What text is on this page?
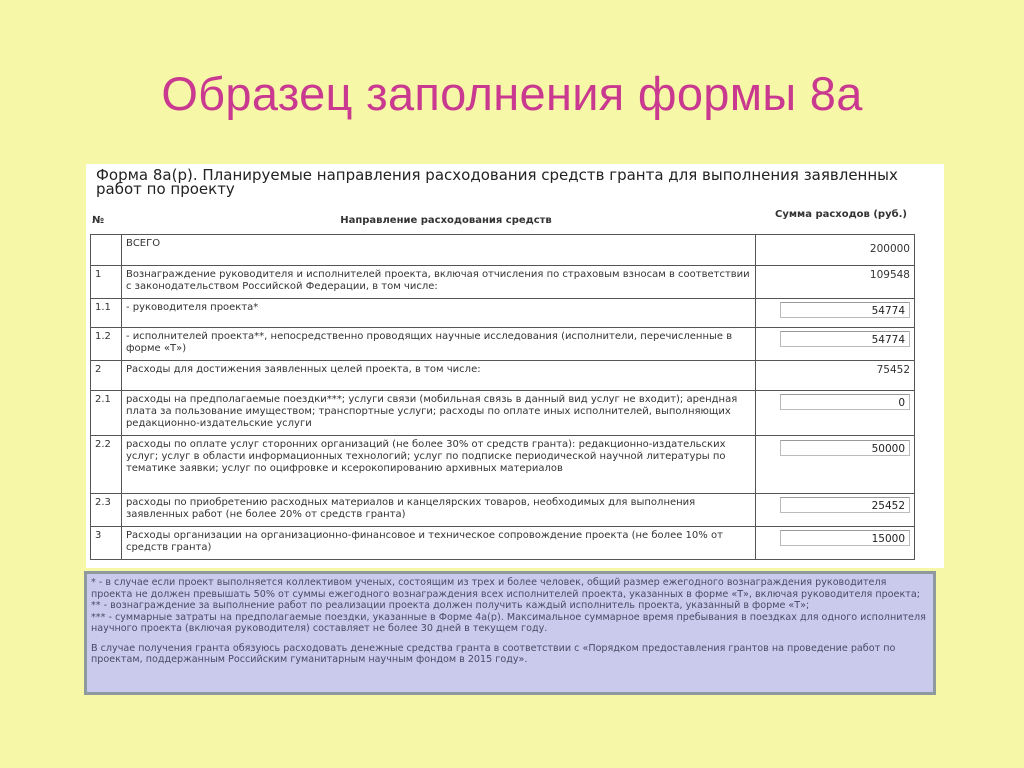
Образец заполнения формы 8а
Форма 8а(р). Планируемые направления расходования средств гранта для выполнения заявленных работ по проекту
№	Направление расходования средств
Сумма расходов (руб.)
	ВСЕГО	200000
1	Вознаграждение руководителя и исполнителей проекта, включая отчисления по страховым взносам в соответствии с законодательством Российской Федерации, в том числе:	109548
1.1	- руководителя проекта*	54774

1.2	- исполнителей проекта**, непосредственно проводящих научные исследования (исполнители, перечисленные в форме «Т»)	54774

2	Расходы для достижения заявленных целей проекта, в том числе:	75452
2.1	расходы на предполагаемые поездки***; услуги связи (мобильная связь в данный вид услуг не входит); арендная плата за пользование имуществом; транспортные услуги; расходы по оплате иных исполнителей, выполняющих редакционно-издательские услуги	0

2.2	расходы по оплате услуг сторонних организаций (не более 30% от средств гранта): редакционно-издательских услуг; услуг в области информационных технологий; услуг по подписке периодической научной литературы по тематике заявки; услуг по оцифровке и ксерокопированию архивных материалов	50000

2.3	расходы по приобретению расходных материалов и канцелярских товаров, необходимых для выполнения заявленных работ (не более 20% от средств гранта)	25452

3	Расходы организации на организационно-финансовое и техническое сопровождение проекта (не более 10% от средств гранта)	15000

* - в случае если проект выполняется коллективом ученых, состоящим из трех и более человек, общий размер ежегодного вознаграждения руководителя проекта не должен превышать 50% от суммы ежегодного вознаграждения всех исполнителей проекта, указанных в форме «Т», включая руководителя проекта;

** - вознаграждение за выполнение работ по реализации проекта должен получить каждый исполнитель проекта, указанный в форме «Т»;

*** - суммарные затраты на предполагаемые поездки, указанные в Форме 4а(р). Максимальное суммарное время пребывания в поездках для одного исполнителя научного проекта (включая руководителя) составляет не более 30 дней в текущем году.

В случае получения гранта обязуюсь расходовать денежные средства гранта в соответствии с «Порядком предоставления грантов на проведение работ по проектам, поддержанным Российским гуманитарным научным фондом в 2015 году».
